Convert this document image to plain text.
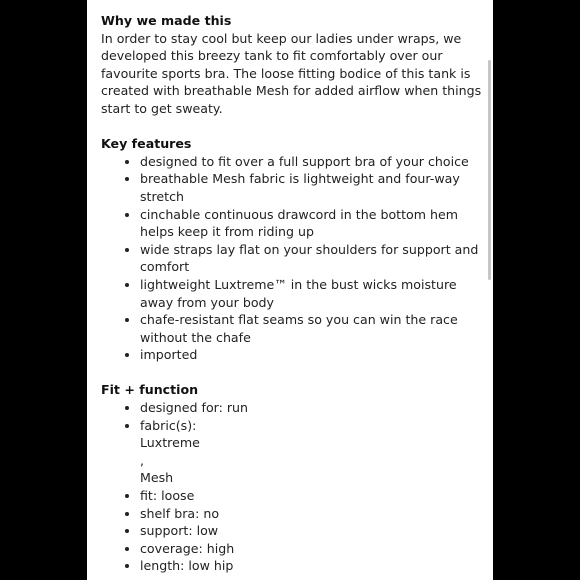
Why we made this

In order to stay cool but keep our ladies under wraps, we developed this breezy tank to fit comfortably over our favourite sports bra. The loose fitting bodice of this tank is created with breathable Mesh for added airflow when things start to get sweaty.

Key features
• designed to fit over a full support bra of your choice
• breathable Mesh fabric is lightweight and four-way stretch
• cinchable continuous drawcord in the bottom hem helps keep it from riding up
• wide straps lay flat on your shoulders for support and comfort
• lightweight Luxtreme™ in the bust wicks moisture away from your body
• chafe-resistant flat seams so you can win the race without the chafe
• imported
Fit + function
• designed for: run
• fabric(s):
Luxtreme
,
Mesh
• fit: loose
• shelf bra: no
• support: low
• coverage: high
• length: low hip
